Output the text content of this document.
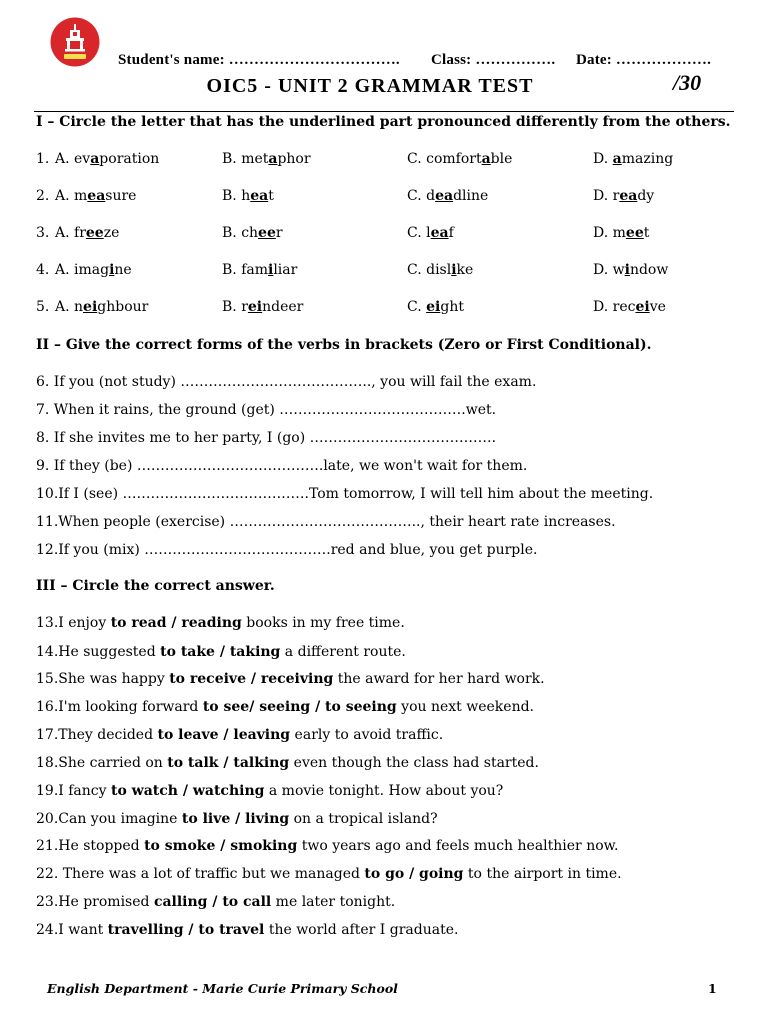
Student's name: ……………………………. Class: ……………. Date: ……………….
OIC5 - UNIT 2 GRAMMAR TEST	/30
I – Circle the letter that has the underlined part pronounced differently from the others.
1. A. evaporation	B. metaphor	C. comfortable	D. amazing
2. A. measure	B. heat	C. deadline	D. ready
3. A. freeze	B. cheer	C. leaf	D. meet
4. A. imagine	B. familiar	C. dislike	D. window
5. A. neighbour	B. reindeer	C. eight	D. receive
II – Give the correct forms of the verbs in brackets (Zero or First Conditional).
6. If you (not study) ………………………………….., you will fail the exam.
7. When it rains, the ground (get) ………………………………….wet.
8. If she invites me to her party, I (go) ………………………………….
9. If they (be) ………………………………….late, we won't wait for them.
10.If I (see) ………………………………….Tom tomorrow, I will tell him about the meeting.
11.When people (exercise) ………………………………….., their heart rate increases.
12.If you (mix) ………………………………….red and blue, you get purple.
III – Circle the correct answer.
13.I enjoy to read / reading books in my free time.
14.He suggested to take / taking a different route.
15.She was happy to receive / receiving the award for her hard work.
16.I'm looking forward to see/ seeing / to seeing you next weekend.
17.They decided to leave / leaving early to avoid traffic.
18.She carried on to talk / talking even though the class had started.
19.I fancy to watch / watching a movie tonight. How about you?
20.Can you imagine to live / living on a tropical island?
21.He stopped to smoke / smoking two years ago and feels much healthier now.
22. There was a lot of traffic but we managed to go / going to the airport in time.
23.He promised calling / to call me later tonight.
24.I want travelling / to travel the world after I graduate.
English Department - Marie Curie Primary School	1
